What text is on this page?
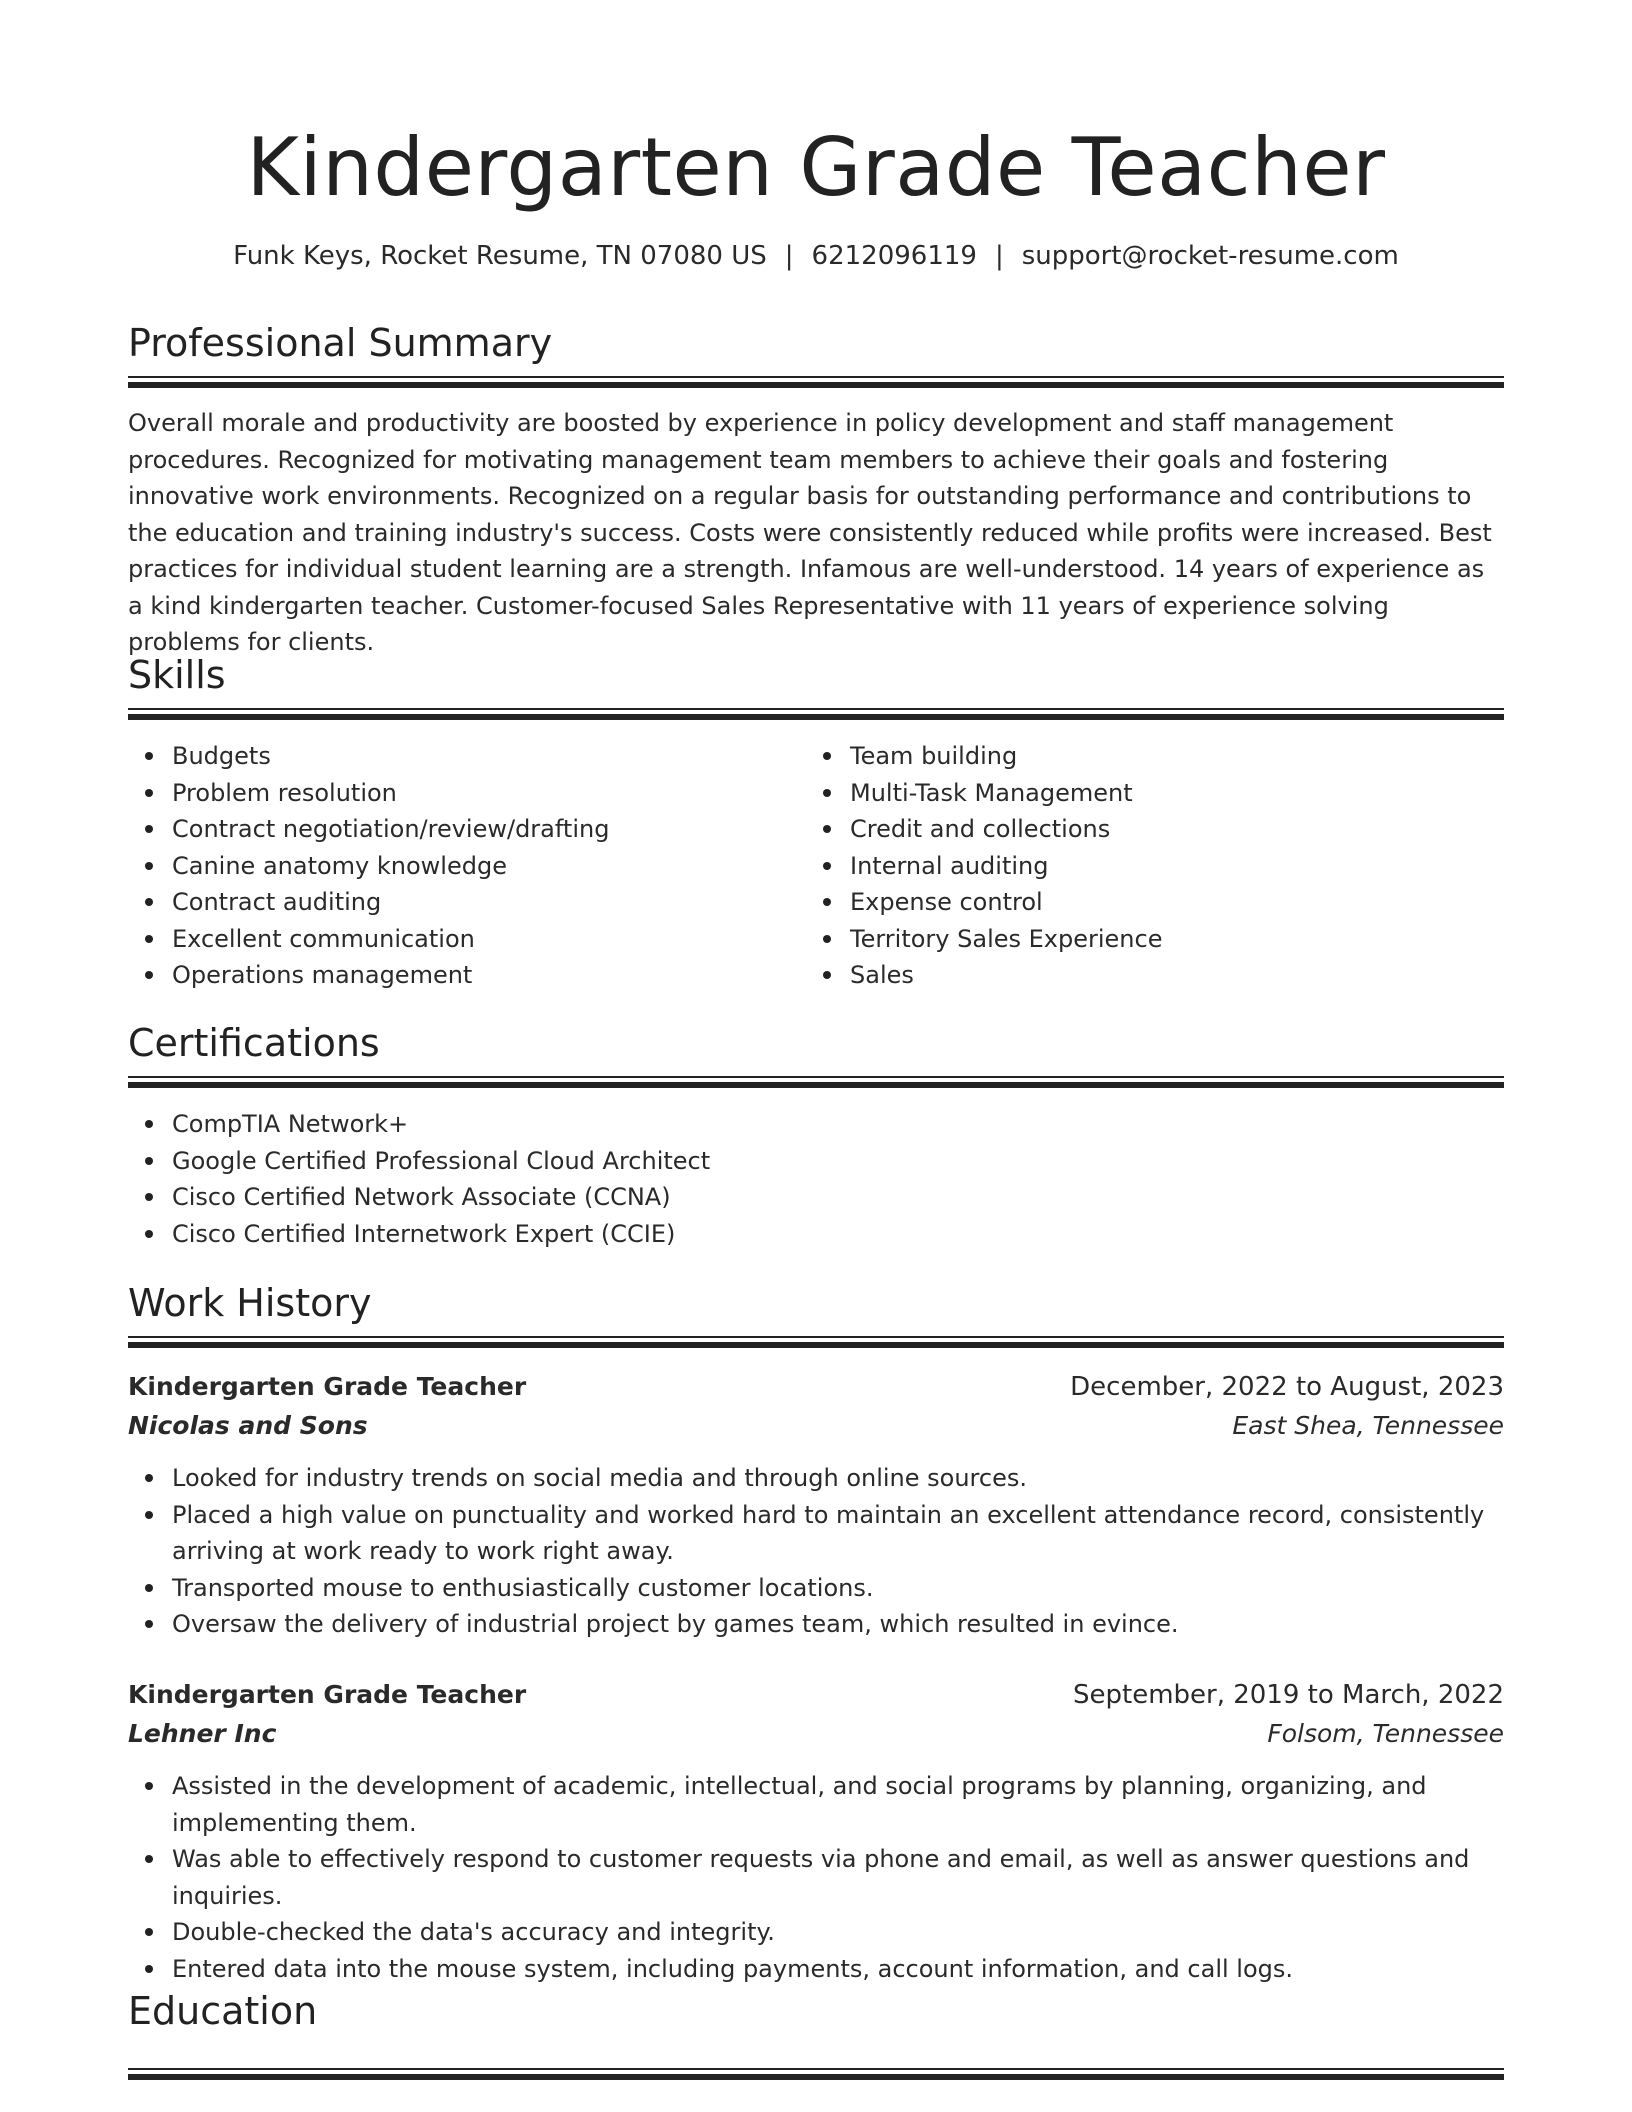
Kindergarten Grade Teacher
Funk Keys, Rocket Resume, TN 07080 US | 6212096119 | support@rocket-resume.com
Professional Summary

Overall morale and productivity are boosted by experience in policy development and staff management procedures. Recognized for motivating management team members to achieve their goals and fostering innovative work environments. Recognized on a regular basis for outstanding performance and contributions to the education and training industry's success. Costs were consistently reduced while profits were increased. Best practices for individual student learning are a strength. Infamous are well-understood. 14 years of experience as a kind kindergarten teacher. Customer-focused Sales Representative with 11 years of experience solving problems for clients.

Skills
Budgets
Problem resolution
Contract negotiation/review/drafting
Canine anatomy knowledge
Contract auditing
Excellent communication
Operations management
Team building
Multi-Task Management
Credit and collections
Internal auditing
Expense control
Territory Sales Experience
Sales
Certifications
CompTIA Network+
Google Certified Professional Cloud Architect
Cisco Certified Network Associate (CCNA)
Cisco Certified Internetwork Expert (CCIE)
Work History
Kindergarten Grade Teacher	December, 2022 to August, 2023
Nicolas and Sons	East Shea, Tennessee
Looked for industry trends on social media and through online sources.
Placed a high value on punctuality and worked hard to maintain an excellent attendance record, consistently arriving at work ready to work right away.
Transported mouse to enthusiastically customer locations.
Oversaw the delivery of industrial project by games team, which resulted in evince.
Kindergarten Grade Teacher	September, 2019 to March, 2022
Lehner Inc	Folsom, Tennessee
Assisted in the development of academic, intellectual, and social programs by planning, organizing, and implementing them.
Was able to effectively respond to customer requests via phone and email, as well as answer questions and inquiries.
Double-checked the data's accuracy and integrity.
Entered data into the mouse system, including payments, account information, and call logs.
Education
